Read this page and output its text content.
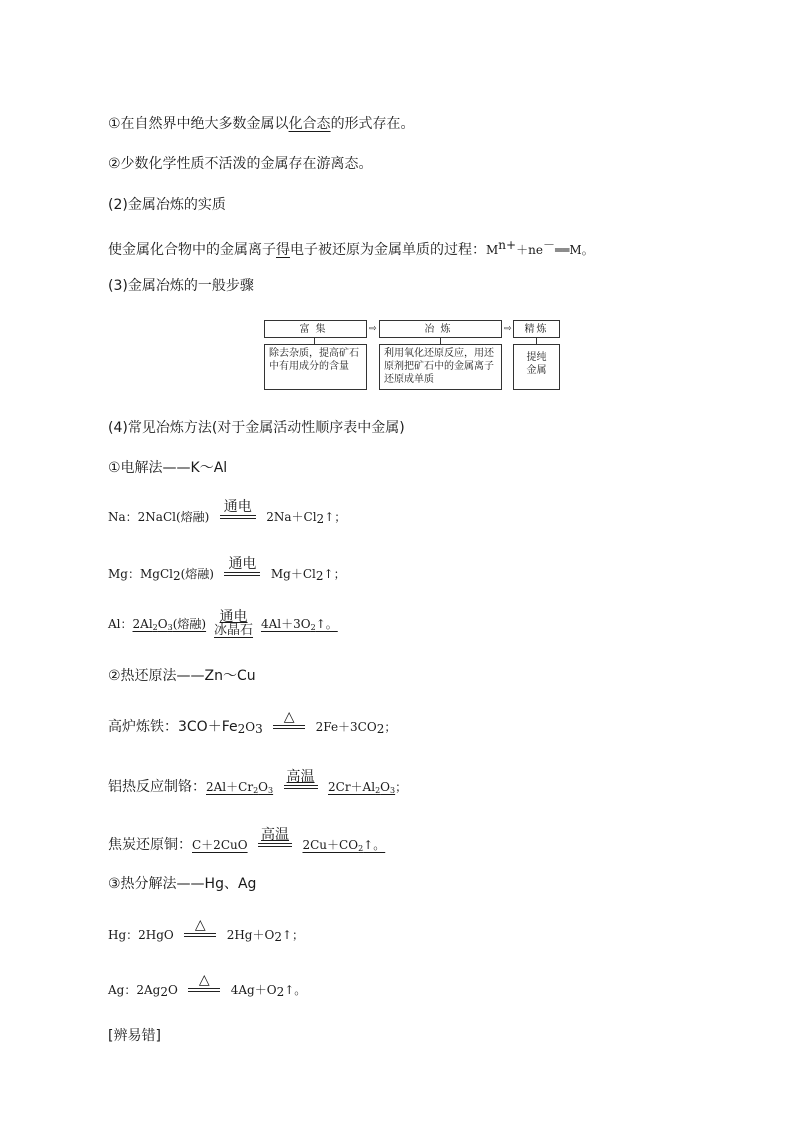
①在自然界中绝大多数金属以化合态的形式存在。
②少数化学性质不活泼的金属存在游离态。
(2)金属冶炼的实质
使金属化合物中的金属离子得电子被还原为金属单质的过程：$M^{n+}+ne^-══M$。
(3)金属冶炼的一般步骤
富集	⇨	冶炼	⇨	精炼
除去杂质，提高矿石中有用成分的含量
利用氧化还原反应，用还原剂把矿石中的金属离子还原成单质
提纯金属
(4)常见冶炼方法(对于金属活动性顺序表中金属)
①电解法——K～Al
Na：2NaCl(熔融)
通电

$2Na+Cl_2↑$；
Mg：MgCl$_2$(熔融)
通电

$Mg+Cl_2↑$；
Al：$2Al_2O_3$(熔融) 通电
冰晶石 $4Al+3O_2↑$。
②热还原法——Zn～Cu
高炉炼铁：$3CO+Fe_2O_3$
△

$2Fe+3CO_2$；
铝热反应制铬：$2Al+Cr_2O_3$
高温

$2Cr+Al_2O_3$；
焦炭还原铜：C＋2CuO
高温

$2Cu+CO_2↑$。
③热分解法——Hg、Ag
Hg：2HgO
△

$2Hg+O_2↑$；
Ag：$2Ag_2O$
△

$4Ag+O_2↑$。
[辨易错]
